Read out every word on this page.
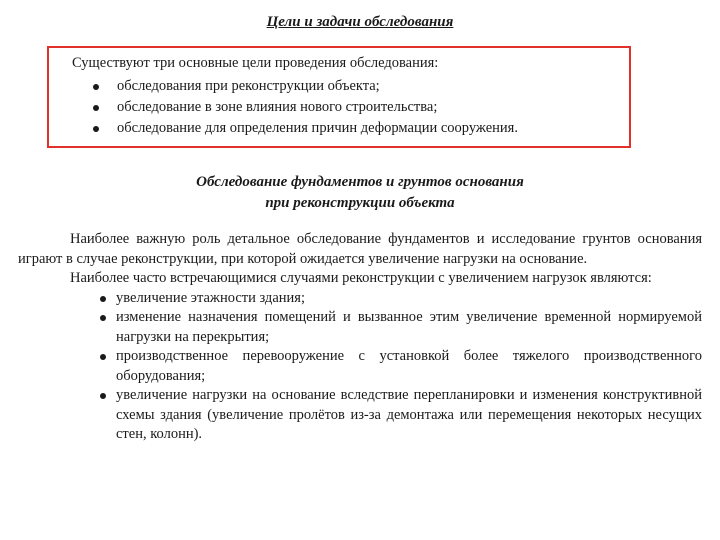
Цели и задачи обследования
Существуют три основные цели проведения обследования:
обследования при реконструкции объекта;
обследование в зоне влияния нового строительства;
обследование для определения причин деформации сооружения.
Обследование фундаментов и грунтов основания
при реконструкции объекта

Наиболее важную роль детальное обследование фундаментов и исследование грунтов основания играют в случае реконструкции, при которой ожидается увеличение нагрузки на основание.

Наиболее часто встречающимися случаями реконструкции с увеличением нагрузок являются:

увеличение этажности здания;
изменение назначения помещений и вызванное этим увеличение временной нормируемой нагрузки на перекрытия;
производственное перевооружение с установкой более тяжелого производственного оборудования;
увеличение нагрузки на основание вследствие перепланировки и изменения конструктивной схемы здания (увеличение пролётов из-за демонтажа или перемещения некоторых несущих стен, колонн).
